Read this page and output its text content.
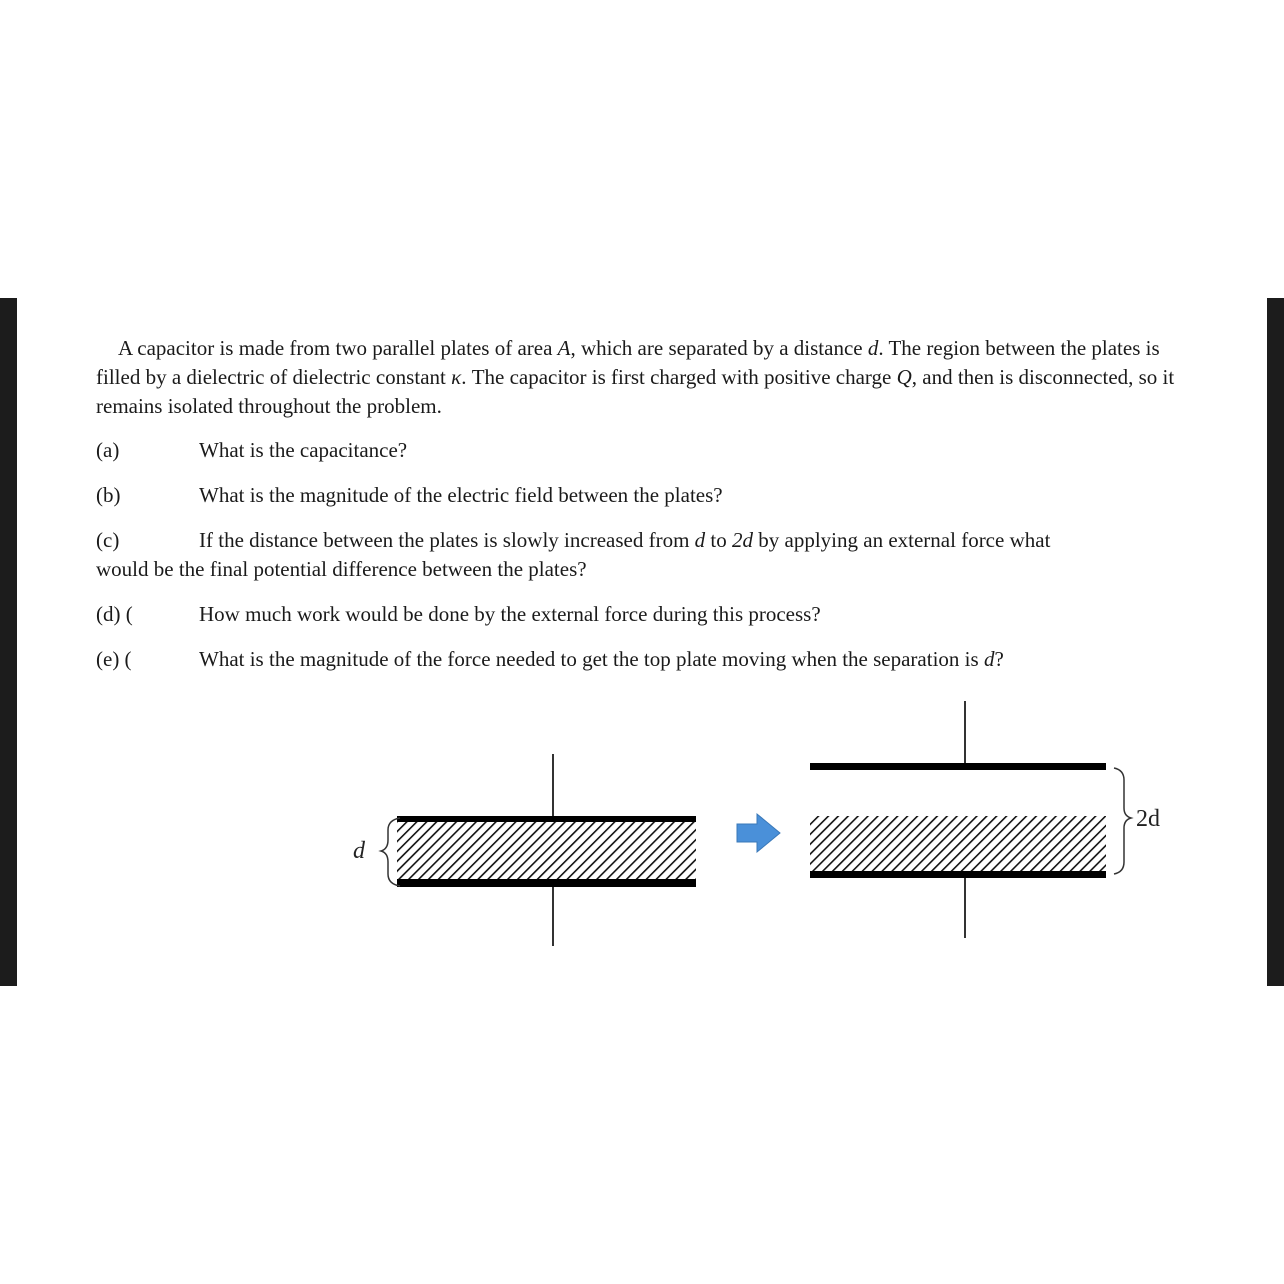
A capacitor is made from two parallel plates of area A, which are separated by a distance d. The region between the plates is filled by a dielectric of dielectric constant κ. The capacitor is first charged with positive charge Q, and then is disconnected, so it remains isolated throughout the problem.

(a)	What is the capacitance?
(b)	What is the magnitude of the electric field between the plates?
(c)	If the distance between the plates is slowly increased from d to 2d by applying an external force what
would be the final potential difference between the plates?
(d) (	How much work would be done by the external force during this process?
(e) (	What is the magnitude of the force needed to get the top plate moving when the separation is d?
d
2d
